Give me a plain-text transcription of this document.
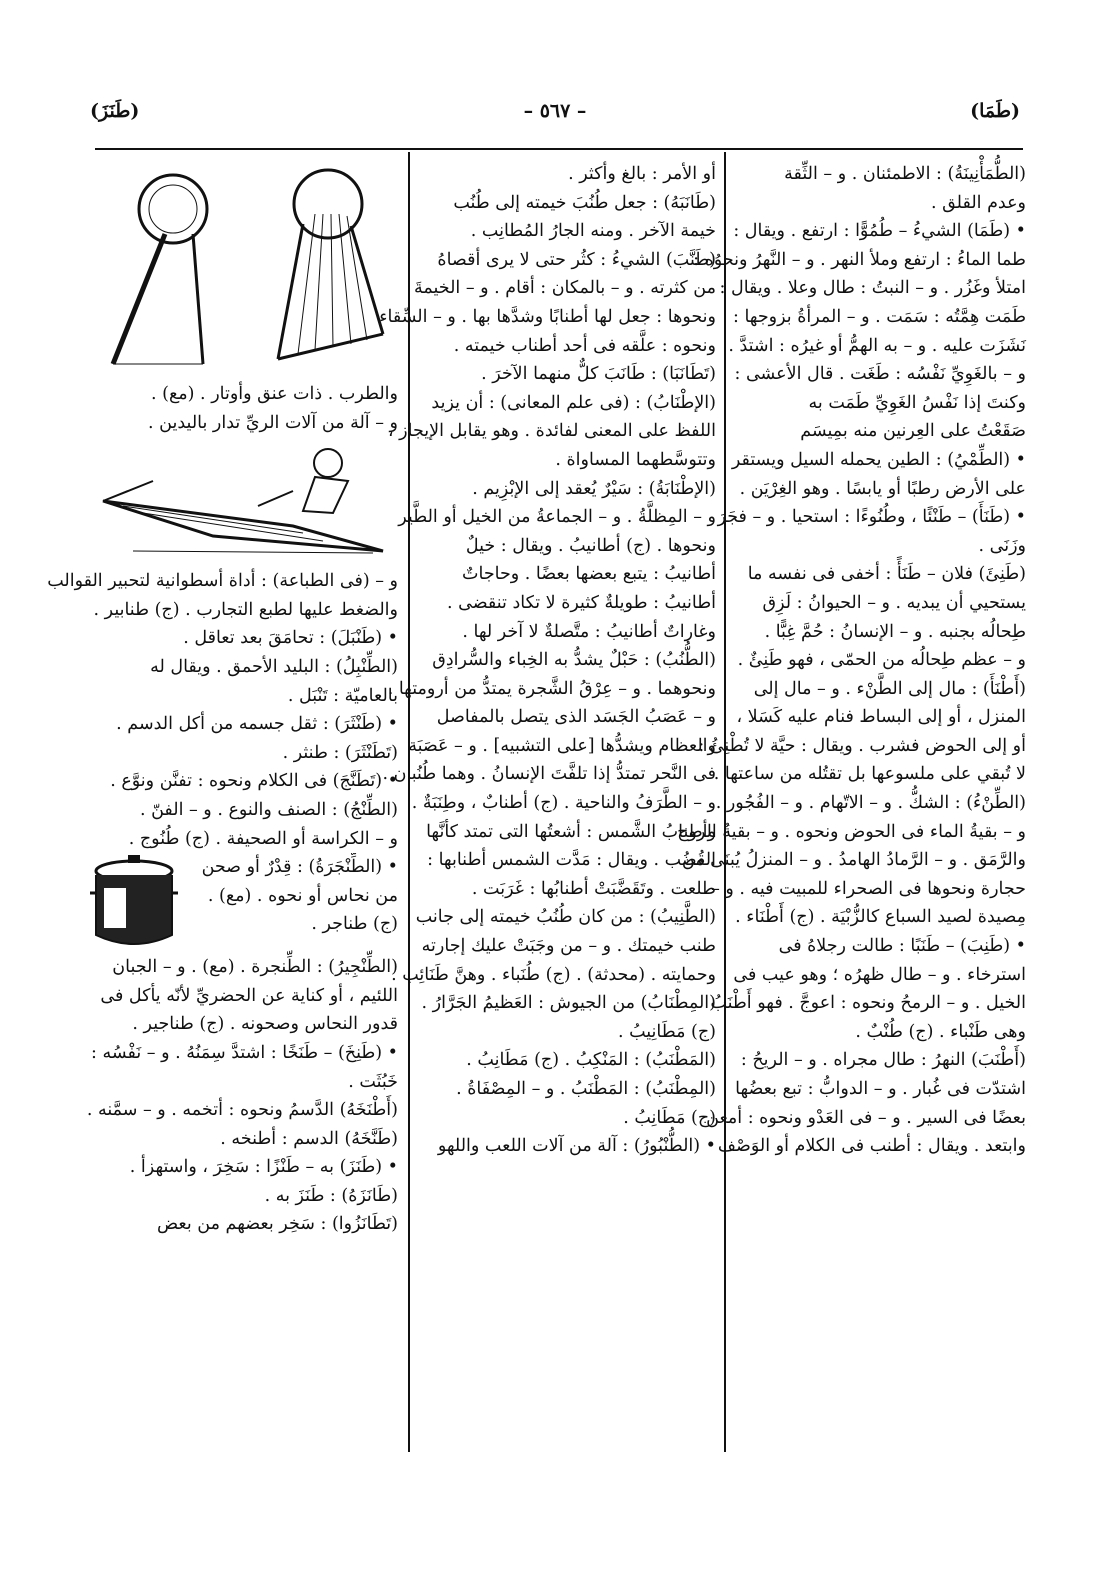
(طَمَا)
– ٥٦٧ –
(طَنَزَ)
(الطُّمَأْنِينَةُ) : الاطمئنان . و – الثِّقة
وعدم القلق .
• (طَمَا) الشيءُ – طُمُوًّا : ارتفع . ويقال :
طما الماءُ : ارتفع وملأ النهر . و – النَّهرُ ونحوُه :
امتلأ وغَزُر . و – النبتُ : طال وعلا . ويقال :
طَمَت هِمَّتُه : سَمَت . و – المرأةُ بزوجها :
نَشَزَت عليه . و – به الهمُّ أو غيرُه : اشتدَّ .
و – بالغَوِيِّ نَفْسُه : طَغَت . قال الأعشى :
وكنتَ إذا نَفْسُ الغَوِيِّ طَمَت به
صَقَعْتُ على العِرنين منه بمِيسَم
• (الطِّمْيُ) : الطين يحمله السيل ويستقر
على الأرض رطبًا أو يابسًا . وهو الغِرْيَن .
• (طَنَأَ) – طَنْئًا ، وطُنُوءًا : استحيا . و – فجَرَ
وزَنَى .
(طَنِئَ) فلان – طَنَأً : أخفى فى نفسه ما
يستحيي أن يبديه . و – الحيوانُ : لَزِق
طِحالُه بجنبه . و – الإنسانُ : حُمَّ غِبًّا .
و – عظم طِحالُه من الحمّى ، فهو طَنِئٌ .
(أَطْنَأَ) : مال إلى الطَّنْء . و – مال إلى
المنزل ، أو إلى البساط فنام عليه كَسَلا ،
أو إلى الحوض فشرب . ويقال : حيَّة لا تُطْنِئُ :
لا تُبقي على ملسوعها بل تقتُله من ساعتها .
(الطِّنْءُ) : الشكُّ . و – الاتّهام . و – الفُجُور .
و – بقيةُ الماء فى الحوض ونحوه . و – بقيةُ الروح
والرَّمَق . و – الرَّمادُ الهامدُ . و – المنزلُ يُبنَى من
حجارة ونحوها فى الصحراء للمبيت فيه . و –
مِصيدة لصيد السباع كالزُّبْيَة . (ج) أَطْنَاء .
• (طَنِبَ) – طَنَبًا : طالت رجلاهُ فى
استرخاء . و – طال ظهرُه ؛ وهو عيب فى
الخيل . و – الرمحُ ونحوه : اعوجَّ . فهو أَطْنَبُ
وهى طَنْباء . (ج) طُنْبٌ .
(أَطْنَبَ) النهرُ : طال مجراه . و – الريحُ :
اشتدّت فى غُبار . و – الدوابُّ : تبع بعضُها
بعضًا فى السير . و – فى العَدْو ونحوه : أمعن
وابتعد . ويقال : أطنب فى الكلام أو الوَصْف
أو الأمر : بالغ وأكثر .
(طَانَبَهُ) : جعل طُنُبَ خيمته إلى طُنُب
خيمة الآخر . ومنه الجارُ المُطانِب .
(طَنَّبَ) الشيءُ : كثُر حتى لا يرى أقصاهُ
من كثرته . و – بالمكان : أقام . و – الخيمةَ
ونحوها : جعل لها أطنابًا وشدَّها بها . و – السِّقاء
ونحوه : علَّقه فى أحد أطناب خيمته .
(تَطَانَبَا) : طَانَبَ كلٌّ منهما الآخرَ .
(الإطْنَابُ) : (فى علم المعانى) : أن يزيد
اللفظ على المعنى لفائدة . وهو يقابل الإيجاز ،
وتتوسَّطهما المساواة .
(الإطْنَابَةُ) : سَيْرٌ يُعقد إلى الإبْزِيم .
و – المِظلَّةُ . و – الجماعةُ من الخيل أو الطَّير
ونحوها . (ج) أطانيبُ . ويقال : خيلٌ
أطانيبُ : يتبع بعضها بعضًا . وحاجاتٌ
أطانيبُ : طويلةٌ كثيرة لا تكاد تنقضى .
وغاراتٌ أطانيبُ : متَّصلةٌ لا آخر لها .
(الطُّنُبُ) : حَبْلٌ يشدُّ به الخِباء والسُّرادِق
ونحوهما . و – عِرْقُ الشَّجرة يمتدُّ من أرومتها .
و – عَصَبُ الجَسَد الذى يتصل بالمفاصل
والعظام ويشدُّها [على التشبيه] . و – عَصَبَة
فى النَّحر تمتدُّ إذا تلفَّتَ الإنسانُ . وهما طُنُبان .
و – الطَّرَفُ والناحية . (ج) أطنابٌ ، وطِنَبَةٌ .
وأطنابُ الشَّمس : أشعتُها التى تمتد كأنَّها
القُضُب . ويقال : مَدَّت الشمس أطنابها :
طلعت . وتَقَضَّبَتْ أطنابُها : غَرَبَت .
(الطَّنِيبُ) : من كان طُنُبُ خيمته إلى جانب
طنب خيمتك . و – من وجَبَتْ عليك إجارته
وحمايته . (محدثة) . (ج) طُنَباء . وهنَّ طَنَائِب .
(المِطْنَابُ) من الجيوش : العَظيمُ الجَرَّارُ .
(ج) مَطَانِيبُ .
(المَطْنَبُ) : المَنْكِبُ . (ج) مَطَانِبُ .
(المِطْنَبُ) : المَطْنَبُ . و – المِصْفَاةُ .
(ج) مَطَانِبُ .
• (الطُّنْبُورُ) : آلة من آلات اللعب واللهو
والطرب . ذات عنق وأوتار . (مع) .
و – آلة من آلات الريِّ تدار باليدين .
و – (فى الطباعة) : أداة أسطوانية لتحبير القوالب
والضغط عليها لطبع التجارب . (ج) طنابير .
• (طَنْبَلَ) : تحامَقَ بعد تعاقل .
(الطِّنْبِلُ) : البليد الأحمق . ويقال له
بالعاميّة : تَنْبَل .
• (طَنْثَرَ) : ثقل جسمه من أكل الدسم .
(تَطَنْثَرَ) : طنثر .
• (تَطَنَّجَ) فى الكلام ونحوه : تفنَّن ونوَّع .
(الطِّنْجُ) : الصنف والنوع . و – الفنّ .
و – الكراسة أو الصحيفة . (ج) طُنُوج .
• (الطِّنْجَرَةُ) : قِدْرٌ أو صحن
من نحاس أو نحوه . (مع) .
(ج) طناجر .
(الطِّنْجِيرُ) : الطِّنجرة . (مع) . و – الجبان
اللئيم ، أو كناية عن الحضريِّ لأنّه يأكل فى
قدور النحاس وصحونه . (ج) طناجير .
• (طَنِخَ) – طَنَخًا : اشتدَّ سِمَنُهُ . و – نَفْسُه :
خَبُثَت .
(أَطْنَخَهُ) الدَّسمُ ونحوه : أتخمه . و – سمَّنه .
(طَنَّخَهُ) الدسم : أطنخه .
• (طَنَزَ) به – طَنْزًا : سَخِرَ ، واستهزأ .
(طَانَزَهُ) : طَنَزَ به .
(تَطَانَزُوا) : سَخِر بعضهم من بعض
